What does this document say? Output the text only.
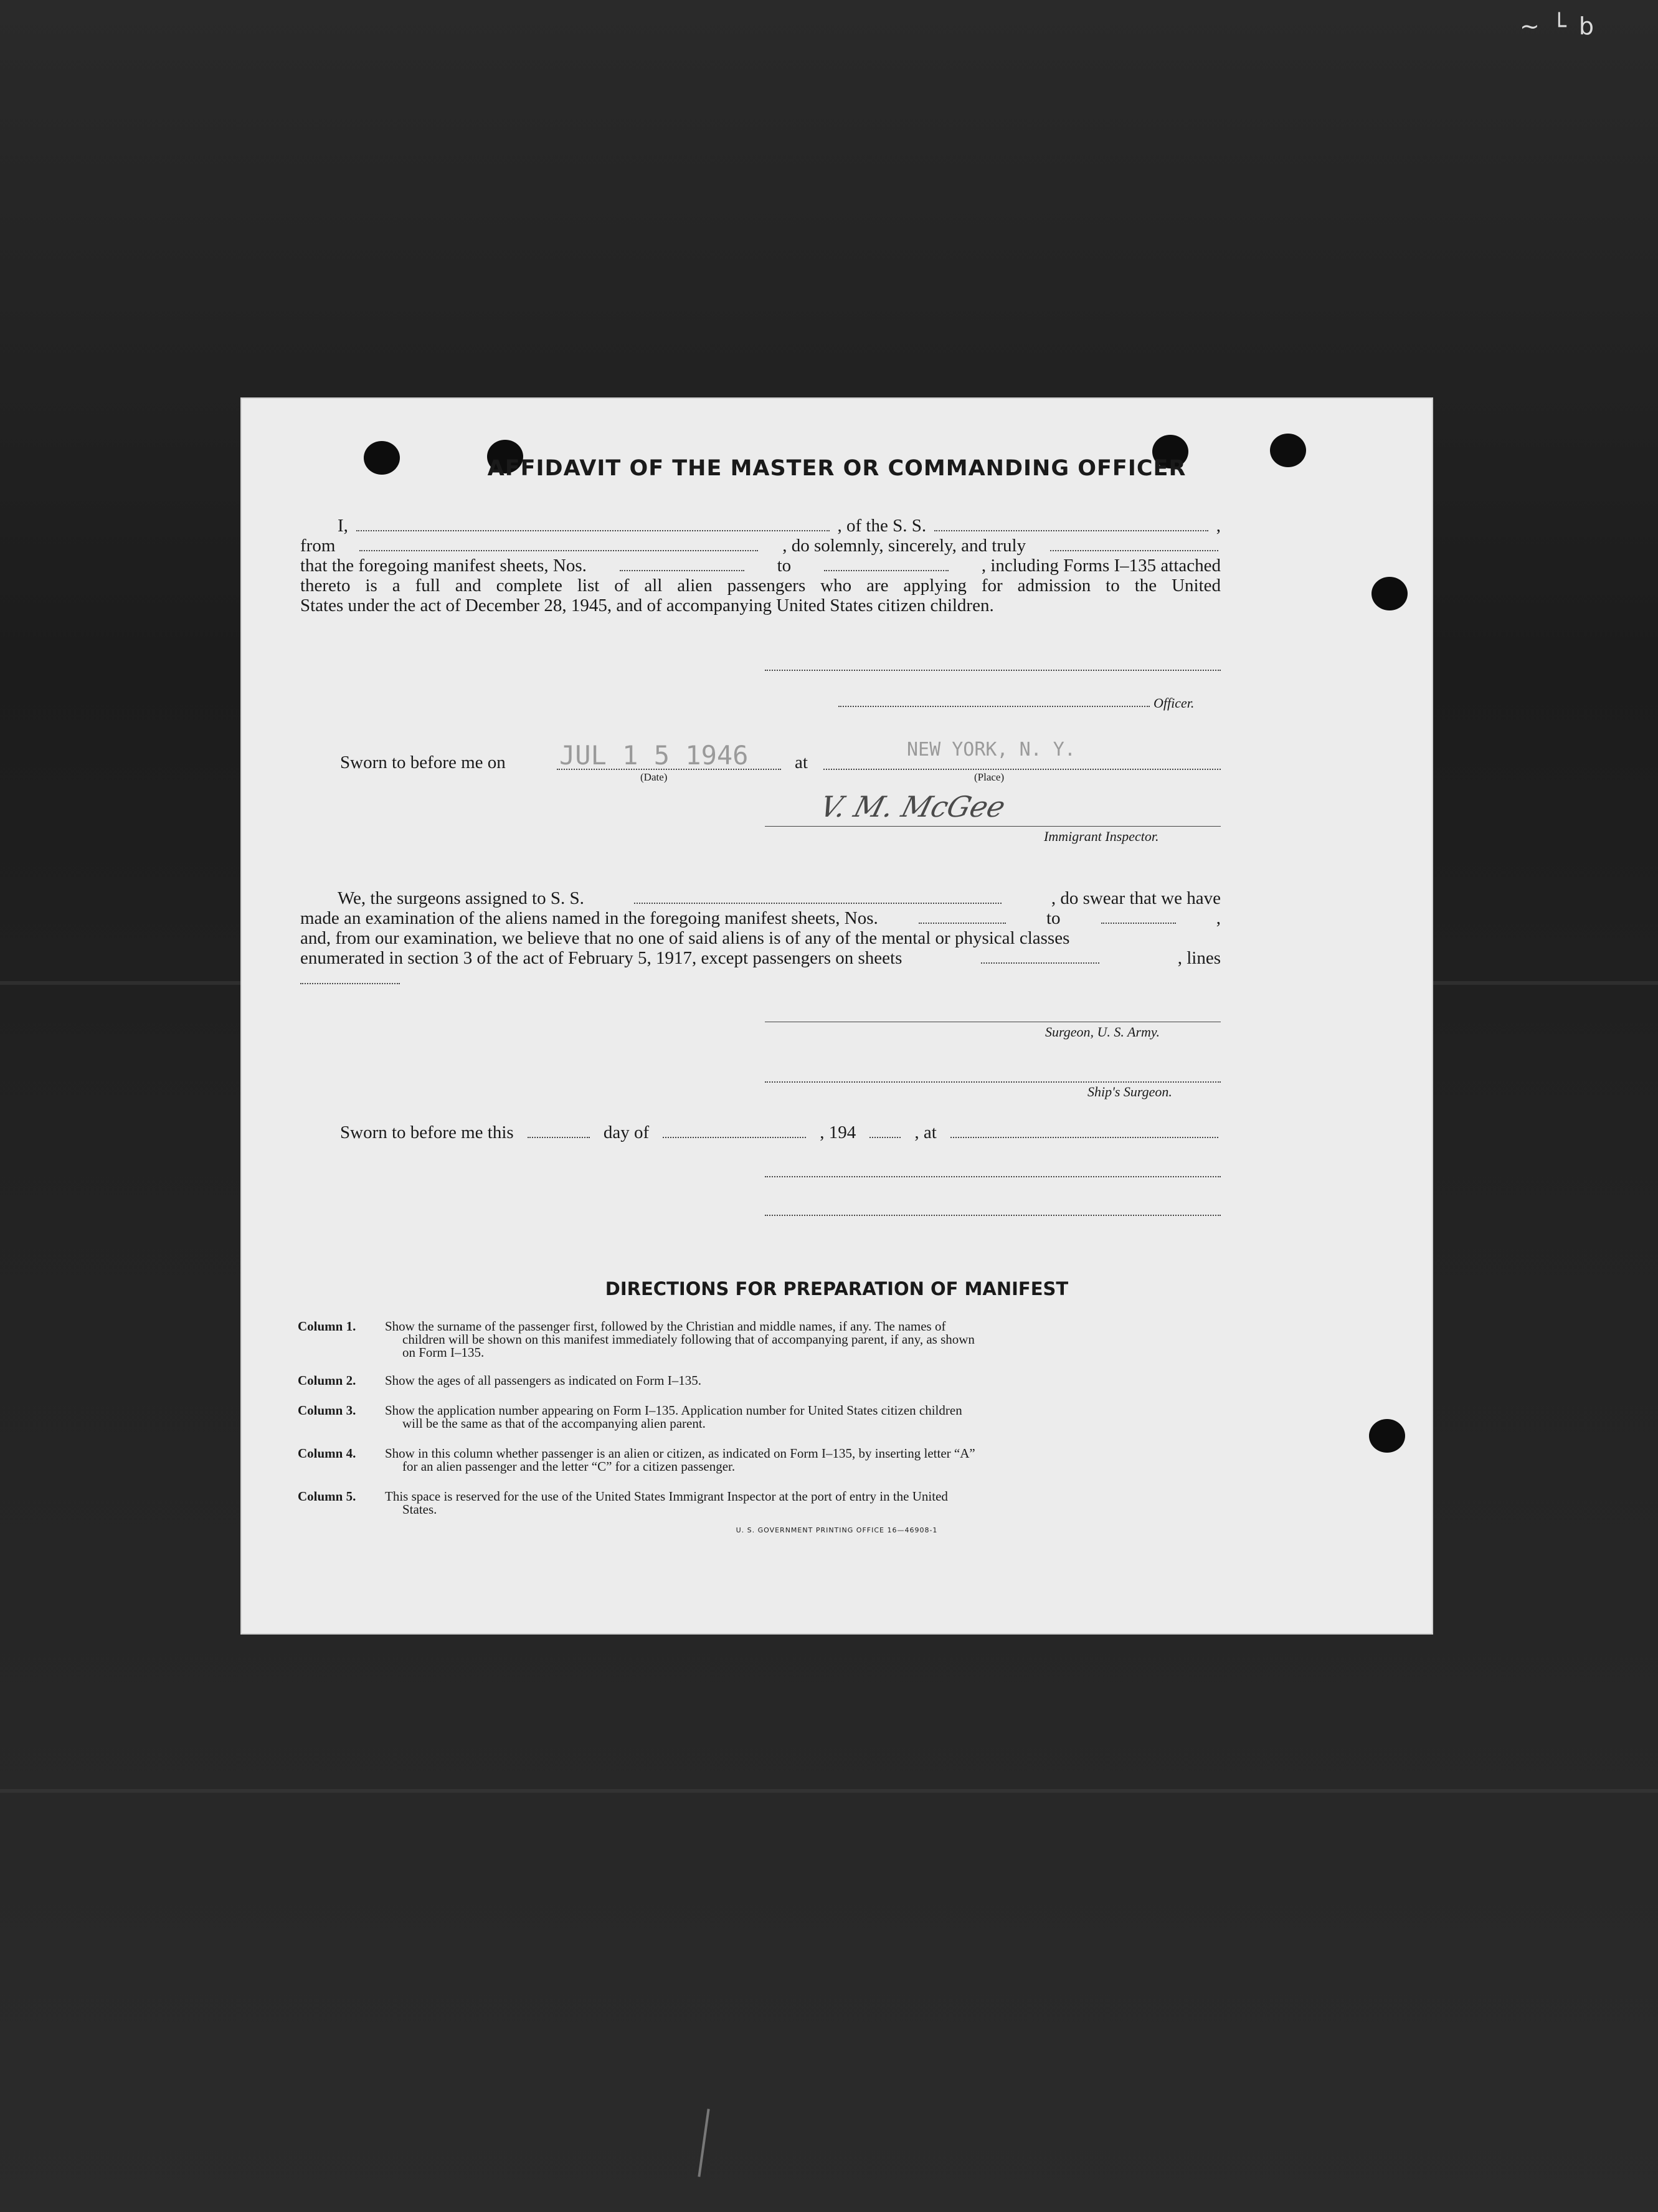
~ └ b
AFFIDAVIT OF THE MASTER OR COMMANDING OFFICER
I,	, of the S. S.	,
from	, do solemnly, sincerely, and truly
that the foregoing manifest sheets, Nos.	to	, including Forms I–135 attached
thereto is a full and complete list of all alien passengers who are applying for admission to the United
States under the act of December 28, 1945, and of accompanying United States citizen children.
Officer.
Sworn to before me on JUL 1 5 1946
(Date)
at
NEW YORK, N. Y.
(Place)
V. M. McGee
Immigrant Inspector.
We, the surgeons assigned to S. S.	, do swear that we have
made an examination of the aliens named in the foregoing manifest sheets, Nos.	to	,
and, from our examination, we believe that no one of said aliens is of any of the mental or physical classes
enumerated in section 3 of the act of February 5, 1917, except passengers on sheets	, lines
Surgeon, U. S. Army.
Ship's Surgeon.
Sworn to before me this	day of	, 194	, at
DIRECTIONS FOR PREPARATION OF MANIFEST
Column 1. Show the surname of the passenger first, followed by the Christian and middle names, if any. The names of
children will be shown on this manifest immediately following that of accompanying parent, if any, as shown
on Form I–135.
Column 2. Show the ages of all passengers as indicated on Form I–135.
Column 3. Show the application number appearing on Form I–135. Application number for United States citizen children
will be the same as that of the accompanying alien parent.
Column 4. Show in this column whether passenger is an alien or citizen, as indicated on Form I–135, by inserting letter “A”
for an alien passenger and the letter “C” for a citizen passenger.
Column 5. This space is reserved for the use of the United States Immigrant Inspector at the port of entry in the United
States.
U. S. GOVERNMENT PRINTING OFFICE 16—46908-1
